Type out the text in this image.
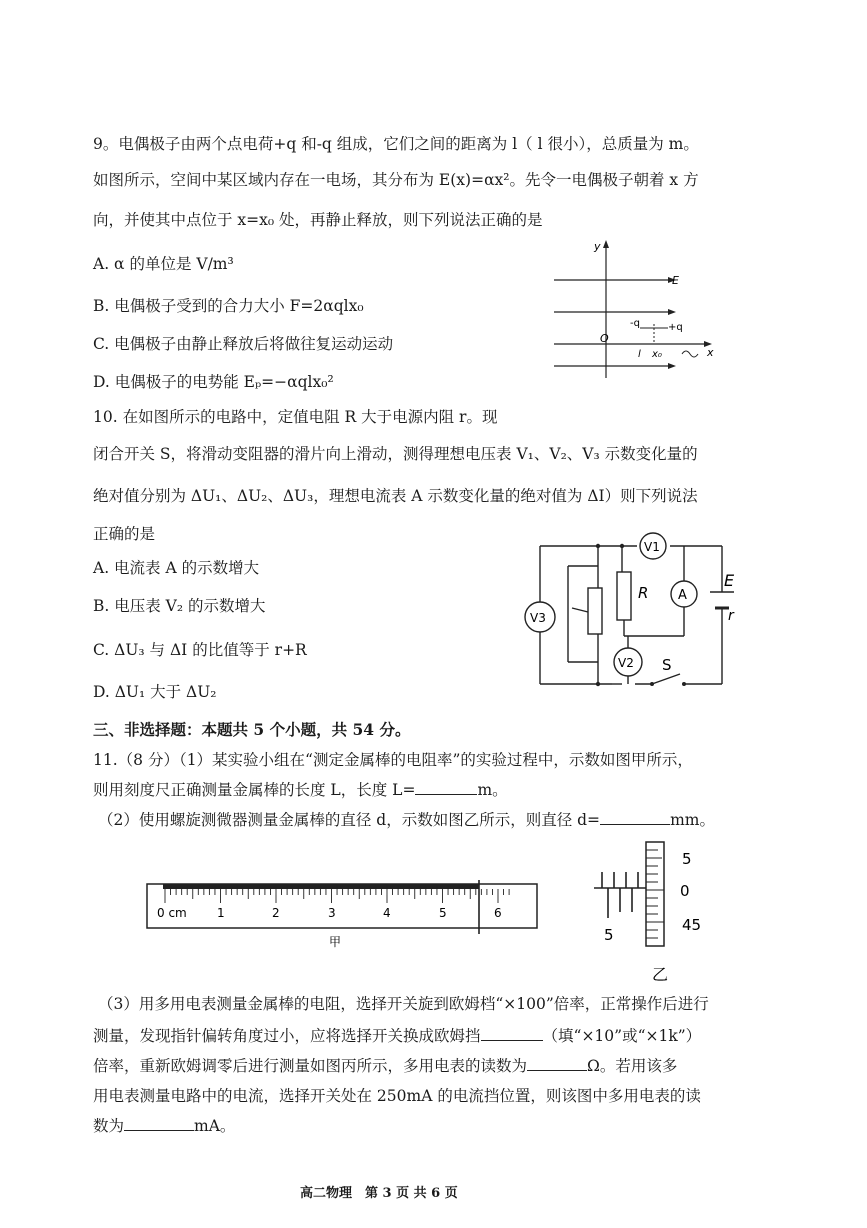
9。电偶极子由两个点电荷+q 和-q 组成，它们之间的距离为 l（ l 很小），总质量为 m。
如图所示，空间中某区域内存在一电场，其分布为 E(x)=αx²。先令一电偶极子朝着 x 方
向，并使其中点位于 x=x₀ 处，再静止释放，则下列说法正确的是
A. α 的单位是 V/m³
B. 电偶极子受到的合力大小 F=2αqlx₀
C. 电偶极子由静止释放后将做往复运动运动
D. 电偶极子的电势能 Eₚ=−αqlx₀²
y
E
x
O
-q	+q
l x₀
10. 在如图所示的电路中，定值电阻 R 大于电源内阻 r。现
闭合开关 S，将滑动变阻器的滑片向上滑动，测得理想电压表 V₁、V₂、V₃ 示数变化量的
绝对值分别为 ΔU₁、ΔU₂、ΔU₃，理想电流表 A 示数变化量的绝对值为 ΔI）则下列说法
正确的是
A. 电流表 A 的示数增大
B. 电压表 V₂ 的示数增大
C. ΔU₃ 与 ΔI 的比值等于 r+R
D. ΔU₁ 大于 ΔU₂
V1
V3
V2
A
R
E
r
S
三、非选择题：本题共 5 个小题，共 54 分。
11.（8 分）（1）某实验小组在“测定金属棒的电阻率”的实验过程中，示数如图甲所示，
则用刻度尺正确测量金属棒的长度 L，长度 L=	m。
（2）使用螺旋测微器测量金属棒的直径 d，示数如图乙所示，则直径 d=	mm。
0 cm	1	2	3	4	5	6
甲
5
0
45
5
乙
（3）用多用电表测量金属棒的电阻，选择开关旋到欧姆档“×100”倍率，正常操作后进行
测量，发现指针偏转角度过小，应将选择开关换成欧姆挡	（填“×10”或“×1k”）
倍率，重新欧姆调零后进行测量如图丙所示，多用电表的读数为	Ω。若用该多
用电表测量电路中的电流，选择开关处在 250mA 的电流挡位置，则该图中多用电表的读
数为	mA。
高二物理　第 3 页 共 6 页
